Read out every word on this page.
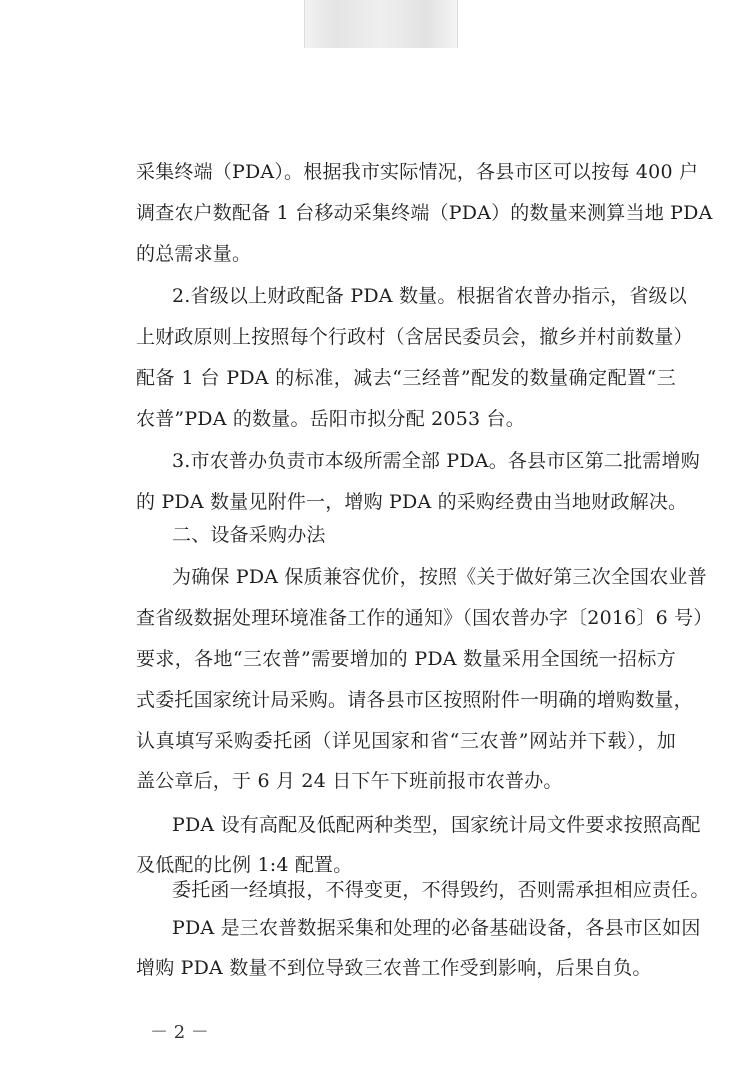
采集终端（PDA）。根据我市实际情况，各县市区可以按每 400 户
调查农户数配备 1 台移动采集终端（PDA）的数量来测算当地 PDA
的总需求量。
2.省级以上财政配备 PDA 数量。根据省农普办指示，省级以
上财政原则上按照每个行政村（含居民委员会，撤乡并村前数量）
配备 1 台 PDA 的标准，减去“三经普”配发的数量确定配置“三
农普”PDA 的数量。岳阳市拟分配 2053 台。
3.市农普办负责市本级所需全部 PDA。各县市区第二批需增购
的 PDA 数量见附件一，增购 PDA 的采购经费由当地财政解决。
二、设备采购办法
为确保 PDA 保质兼容优价，按照《关于做好第三次全国农业普
查省级数据处理环境准备工作的通知》（国农普办字〔2016〕6 号）
要求，各地“三农普”需要增加的 PDA 数量采用全国统一招标方
式委托国家统计局采购。请各县市区按照附件一明确的增购数量，
认真填写采购委托函（详见国家和省“三农普”网站并下载），加
盖公章后，于 6 月 24 日下午下班前报市农普办。
PDA 设有高配及低配两种类型，国家统计局文件要求按照高配
及低配的比例 1:4 配置。
委托函一经填报，不得变更，不得毁约，否则需承担相应责任。
PDA 是三农普数据采集和处理的必备基础设备，各县市区如因
增购 PDA 数量不到位导致三农普工作受到影响，后果自负。
－ 2 －
